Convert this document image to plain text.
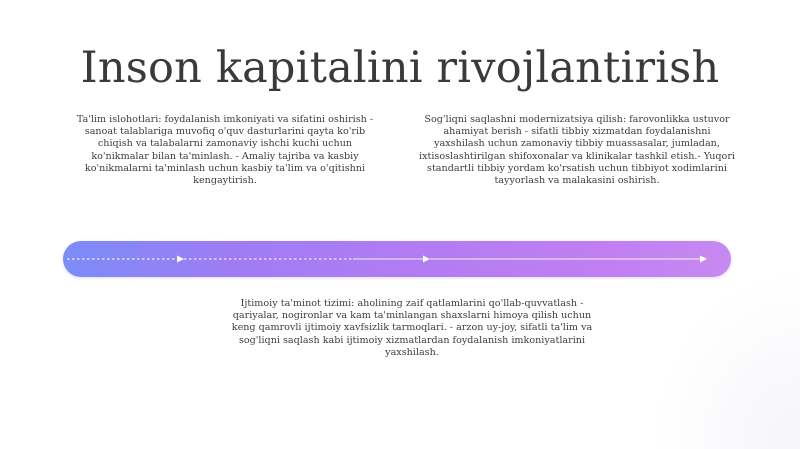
Inson kapitalini rivojlantirish
Ta'lim islohotlari: foydalanish imkoniyati va sifatini oshirish - sanoat talablariga muvofiq o'quv dasturlarini qayta ko'rib chiqish va talabalarni zamonaviy ishchi kuchi uchun ko'nikmalar bilan ta'minlash. - Amaliy tajriba va kasbiy ko'nikmalarni ta'minlash uchun kasbiy ta'lim va o'qitishni kengaytirish.
Sog'liqni saqlashni modernizatsiya qilish: farovonlikka ustuvor ahamiyat berish - sifatli tibbiy xizmatdan foydalanishni yaxshilash uchun zamonaviy tibbiy muassasalar, jumladan, ixtisoslashtirilgan shifoxonalar va klinikalar tashkil etish.- Yuqori standartli tibbiy yordam ko'rsatish uchun tibbiyot xodimlarini tayyorlash va malakasini oshirish.
Ijtimoiy ta'minot tizimi: aholining zaif qatlamlarini qo'llab-quvvatlash - qariyalar, nogironlar va kam ta'minlangan shaxslarni himoya qilish uchun keng qamrovli ijtimoiy xavfsizlik tarmoqlari. - arzon uy-joy, sifatli ta'lim va sog'liqni saqlash kabi ijtimoiy xizmatlardan foydalanish imkoniyatlarini yaxshilash.
